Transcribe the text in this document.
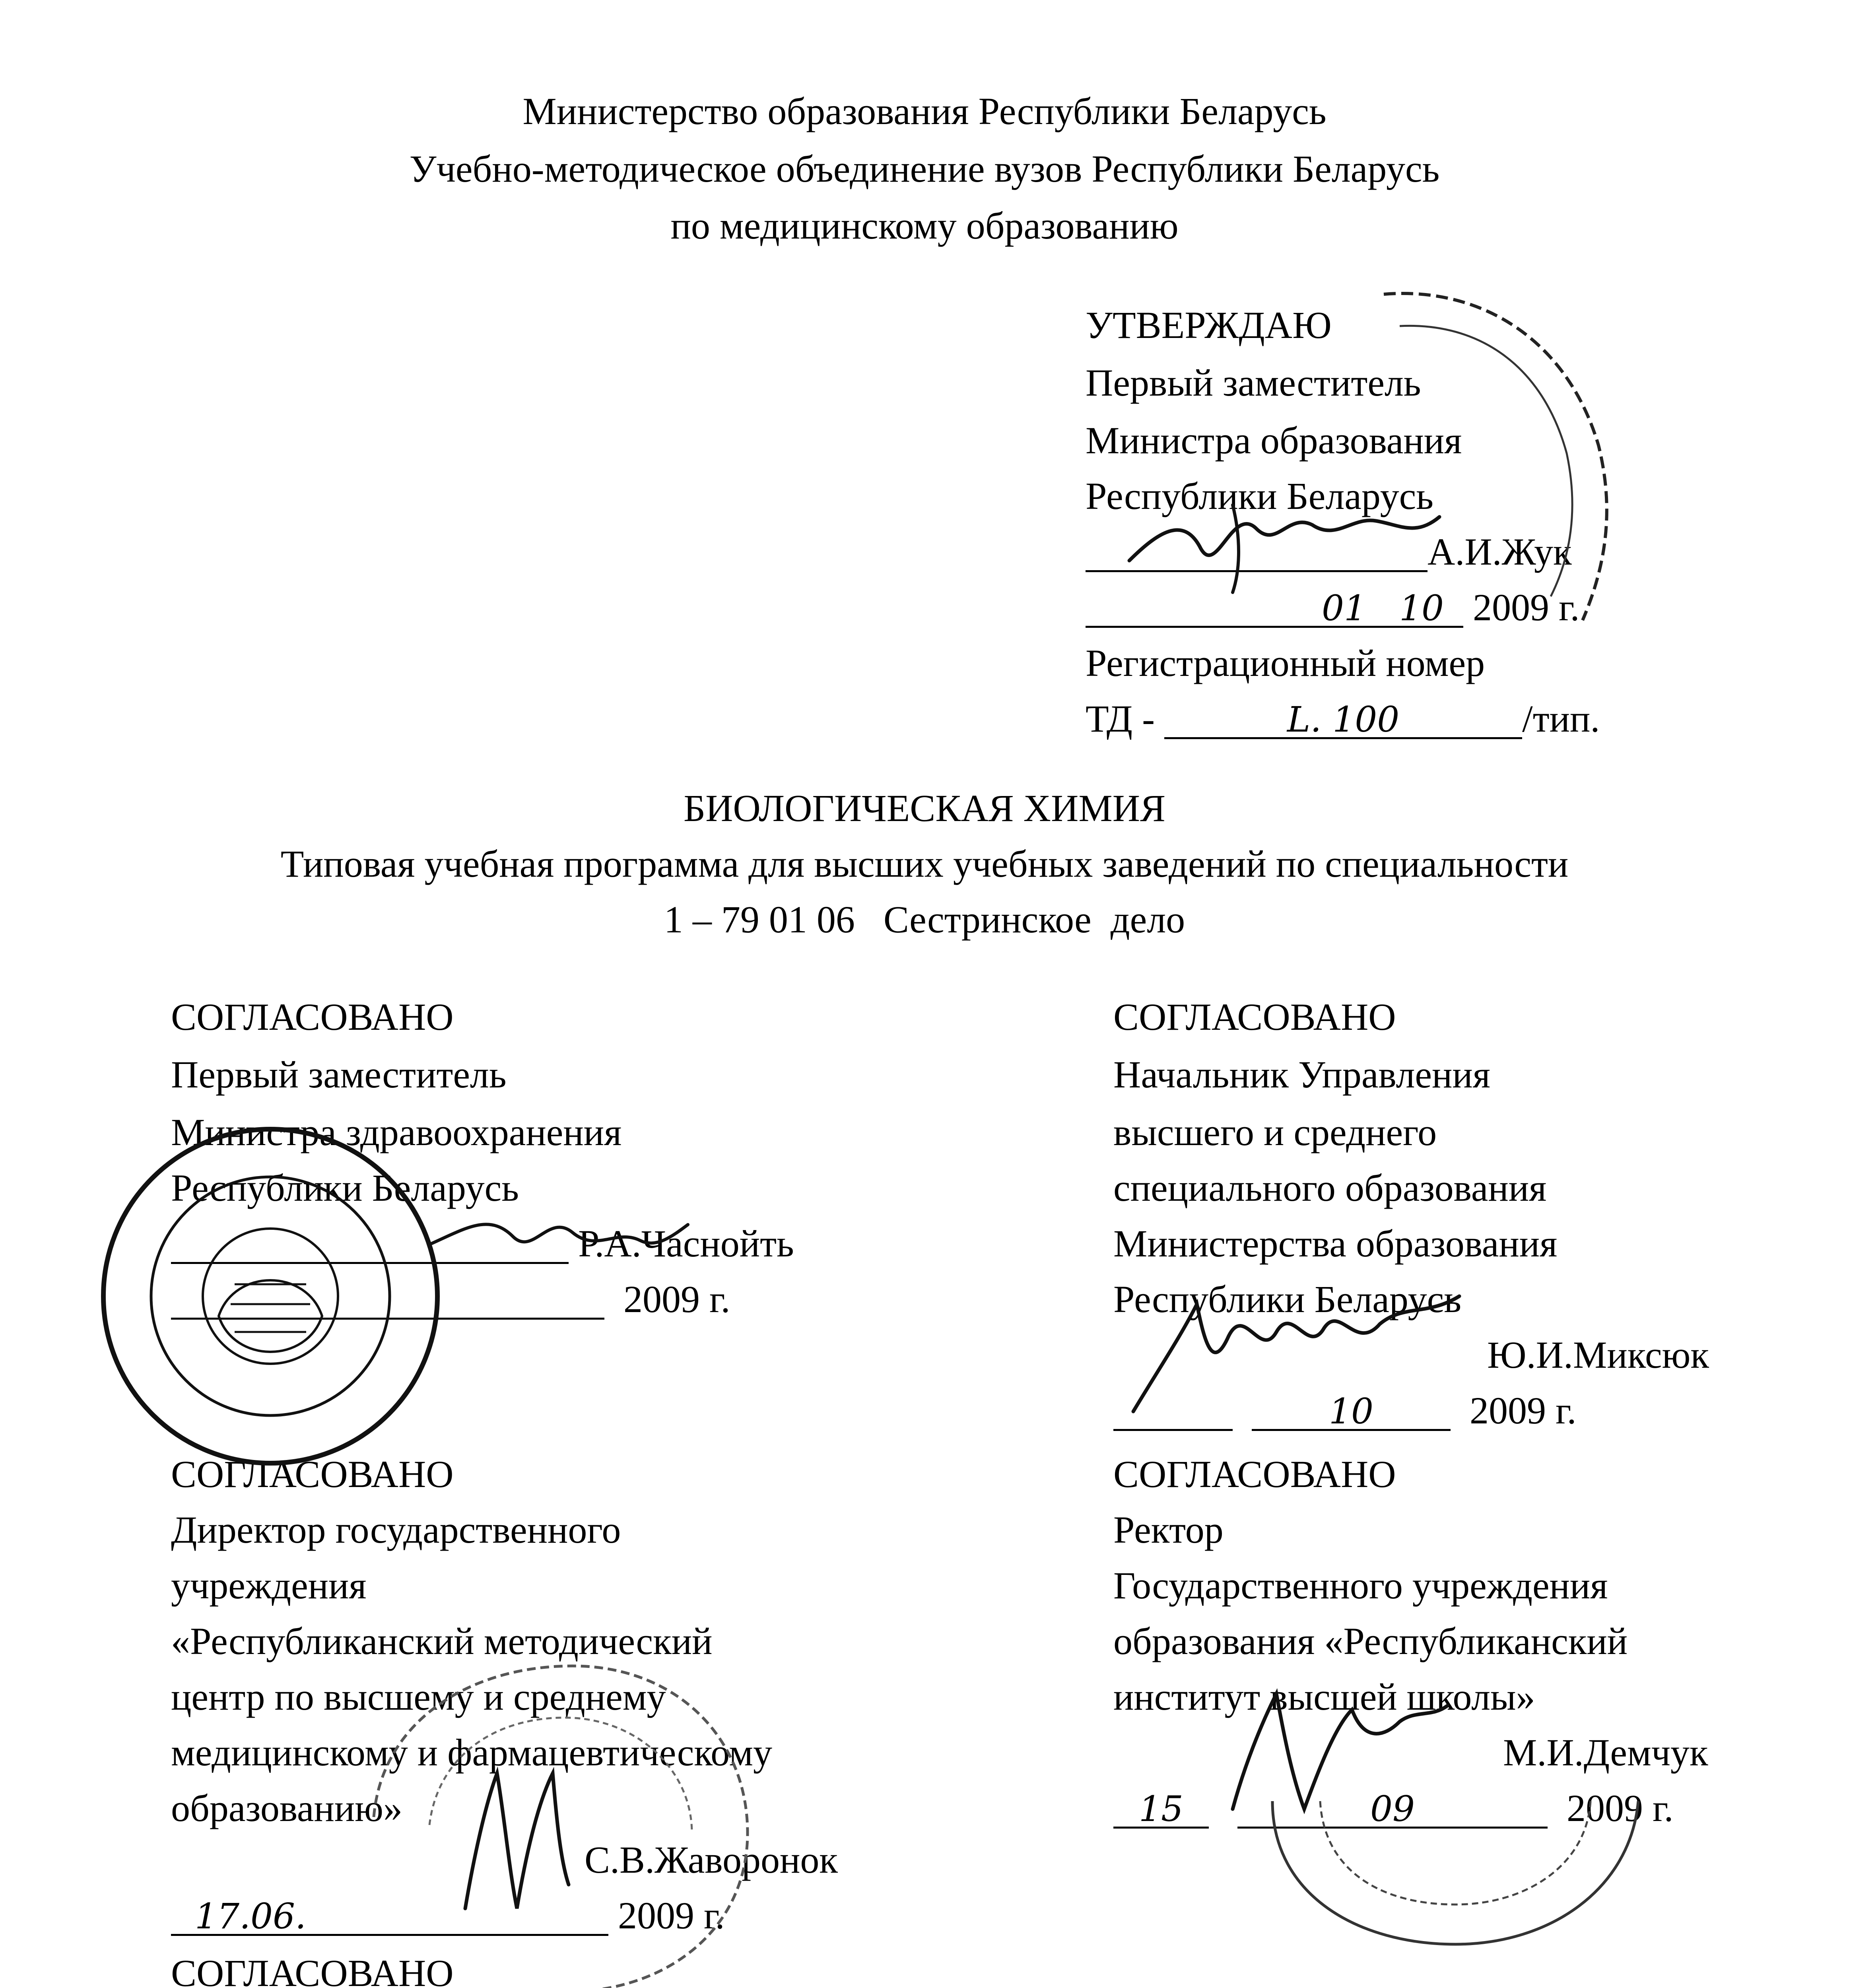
Министерство образования Республики Беларусь

Учебно-методическое объединение вузов Республики Беларусь

по медицинскому образованию

УТВЕРЖДАЮ

Первый заместитель

Министра образования

Республики Беларусь

А.И.Жук
01 10 2009 г.

Регистрационный номер

ТД -	L. 100	/тип.

БИОЛОГИЧЕСКАЯ ХИМИЯ

Типовая учебная программа для высших учебных заведений по специальности

1 – 79 01 06   Сестринское  дело

СОГЛАСОВАНО

Первый заместитель

Министра здравоохранения

Республики Беларусь

Р.А.Часнойть
2009 г.

СОГЛАСОВАНО

Начальник Управления

высшего и среднего

специального образования

Министерства образования

Республики Беларусь

Ю.И.Миксюк

10	2009 г.

СОГЛАСОВАНО

Директор государственного

учреждения

«Республиканский методический

центр по высшему и среднему

медицинскому и фармацевтическому

образованию»

С.В.Жаворонок

17.06.	2009 г.

СОГЛАСОВАНО

Ректор

Государственного учреждения

образования «Республиканский

институт высшей школы»

М.И.Демчук

15	09	2009 г.

СОГЛАСОВАНО
